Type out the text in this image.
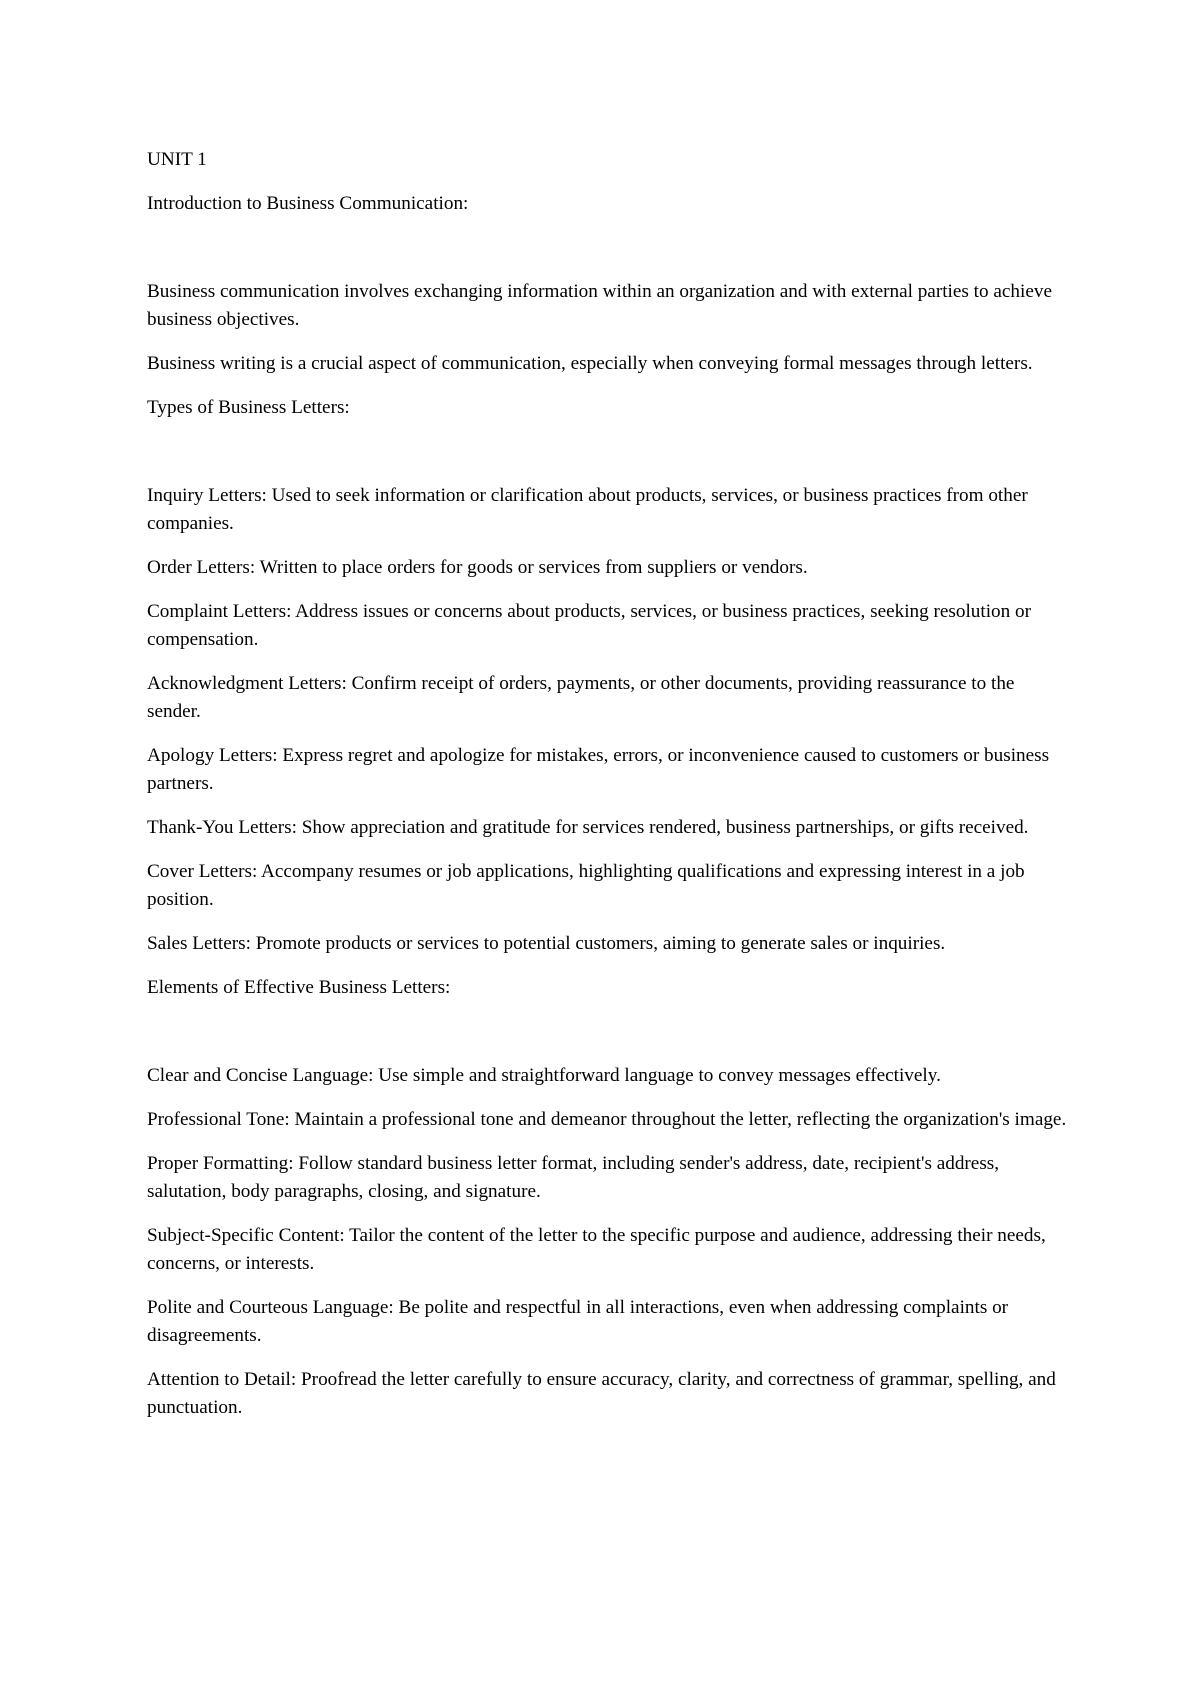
UNIT 1

Introduction to Business Communication:

Business communication involves exchanging information within an organization and with external parties to achieve business objectives.

Business writing is a crucial aspect of communication, especially when conveying formal messages through letters.

Types of Business Letters:

Inquiry Letters: Used to seek information or clarification about products, services, or business practices from other companies.

Order Letters: Written to place orders for goods or services from suppliers or vendors.

Complaint Letters: Address issues or concerns about products, services, or business practices, seeking resolution or compensation.

Acknowledgment Letters: Confirm receipt of orders, payments, or other documents, providing reassurance to the sender.

Apology Letters: Express regret and apologize for mistakes, errors, or inconvenience caused to customers or business partners.

Thank-You Letters: Show appreciation and gratitude for services rendered, business partnerships, or gifts received.

Cover Letters: Accompany resumes or job applications, highlighting qualifications and expressing interest in a job position.

Sales Letters: Promote products or services to potential customers, aiming to generate sales or inquiries.

Elements of Effective Business Letters:

Clear and Concise Language: Use simple and straightforward language to convey messages effectively.

Professional Tone: Maintain a professional tone and demeanor throughout the letter, reflecting the organization's image.

Proper Formatting: Follow standard business letter format, including sender's address, date, recipient's address, salutation, body paragraphs, closing, and signature.

Subject-Specific Content: Tailor the content of the letter to the specific purpose and audience, addressing their needs, concerns, or interests.

Polite and Courteous Language: Be polite and respectful in all interactions, even when addressing complaints or disagreements.

Attention to Detail: Proofread the letter carefully to ensure accuracy, clarity, and correctness of grammar, spelling, and punctuation.
